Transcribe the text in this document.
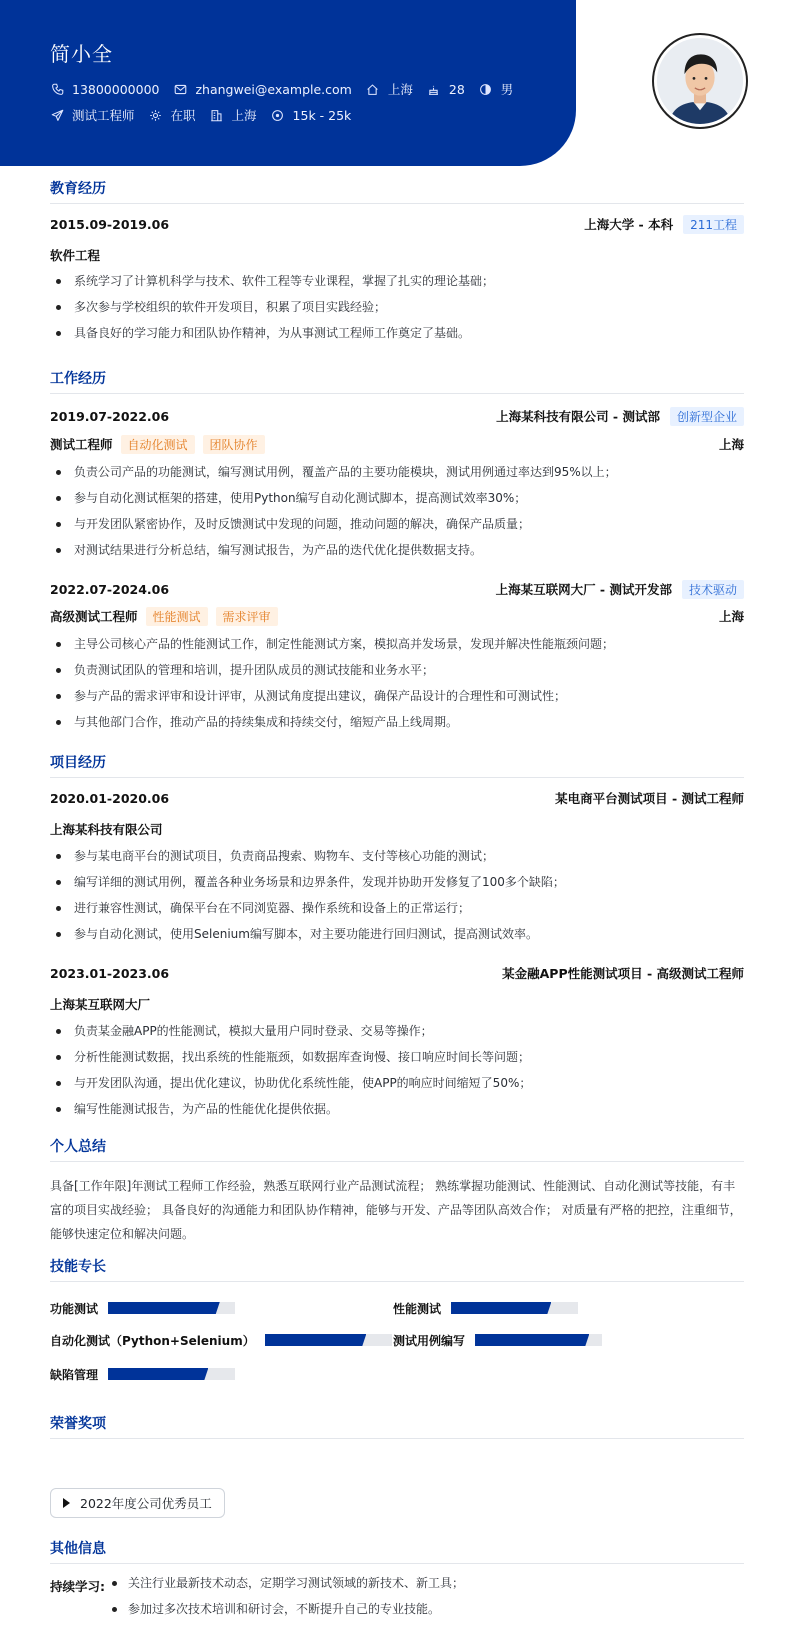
简小全
13800000000	zhangwei@example.com	上海	28	男
测试工程师	在职	上海	15k - 25k
教育经历
2015.09-2019.06	上海大学 - 本科	211工程
软件工程
系统学习了计算机科学与技术、软件工程等专业课程，掌握了扎实的理论基础；
多次参与学校组织的软件开发项目，积累了项目实践经验；
具备良好的学习能力和团队协作精神，为从事测试工程师工作奠定了基础。
工作经历
2019.07-2022.06	上海某科技有限公司 - 测试部	创新型企业
测试工程师	自动化测试	团队协作	上海
负责公司产品的功能测试，编写测试用例，覆盖产品的主要功能模块，测试用例通过率达到95%以上；
参与自动化测试框架的搭建，使用Python编写自动化测试脚本，提高测试效率30%；
与开发团队紧密协作，及时反馈测试中发现的问题，推动问题的解决，确保产品质量；
对测试结果进行分析总结，编写测试报告，为产品的迭代优化提供数据支持。
2022.07-2024.06	上海某互联网大厂 - 测试开发部	技术驱动
高级测试工程师	性能测试	需求评审	上海
主导公司核心产品的性能测试工作，制定性能测试方案，模拟高并发场景，发现并解决性能瓶颈问题；
负责测试团队的管理和培训，提升团队成员的测试技能和业务水平；
参与产品的需求评审和设计评审，从测试角度提出建议，确保产品设计的合理性和可测试性；
与其他部门合作，推动产品的持续集成和持续交付，缩短产品上线周期。
项目经历
2020.01-2020.06	某电商平台测试项目 - 测试工程师
上海某科技有限公司
参与某电商平台的测试项目，负责商品搜索、购物车、支付等核心功能的测试；
编写详细的测试用例，覆盖各种业务场景和边界条件，发现并协助开发修复了100多个缺陷；
进行兼容性测试，确保平台在不同浏览器、操作系统和设备上的正常运行；
参与自动化测试，使用Selenium编写脚本，对主要功能进行回归测试，提高测试效率。
2023.01-2023.06	某金融APP性能测试项目 - 高级测试工程师
上海某互联网大厂
负责某金融APP的性能测试，模拟大量用户同时登录、交易等操作；
分析性能测试数据，找出系统的性能瓶颈，如数据库查询慢、接口响应时间长等问题；
与开发团队沟通，提出优化建议，协助优化系统性能，使APP的响应时间缩短了50%；
编写性能测试报告，为产品的性能优化提供依据。
个人总结
具备[工作年限]年测试工程师工作经验，熟悉互联网行业产品测试流程； 熟练掌握功能测试、性能测试、自动化测试等技能，有丰
富的项目实战经验； 具备良好的沟通能力和团队协作精神，能够与开发、产品等团队高效合作； 对质量有严格的把控，注重细节，
能够快速定位和解决问题。
技能专长
功能测试	性能测试
自动化测试（Python+Selenium）	测试用例编写
缺陷管理
荣誉奖项
2022年度公司优秀员工
其他信息
持续学习:	关注行业最新技术动态，定期学习测试领域的新技术、新工具；
参加过多次技术培训和研讨会，不断提升自己的专业技能。
